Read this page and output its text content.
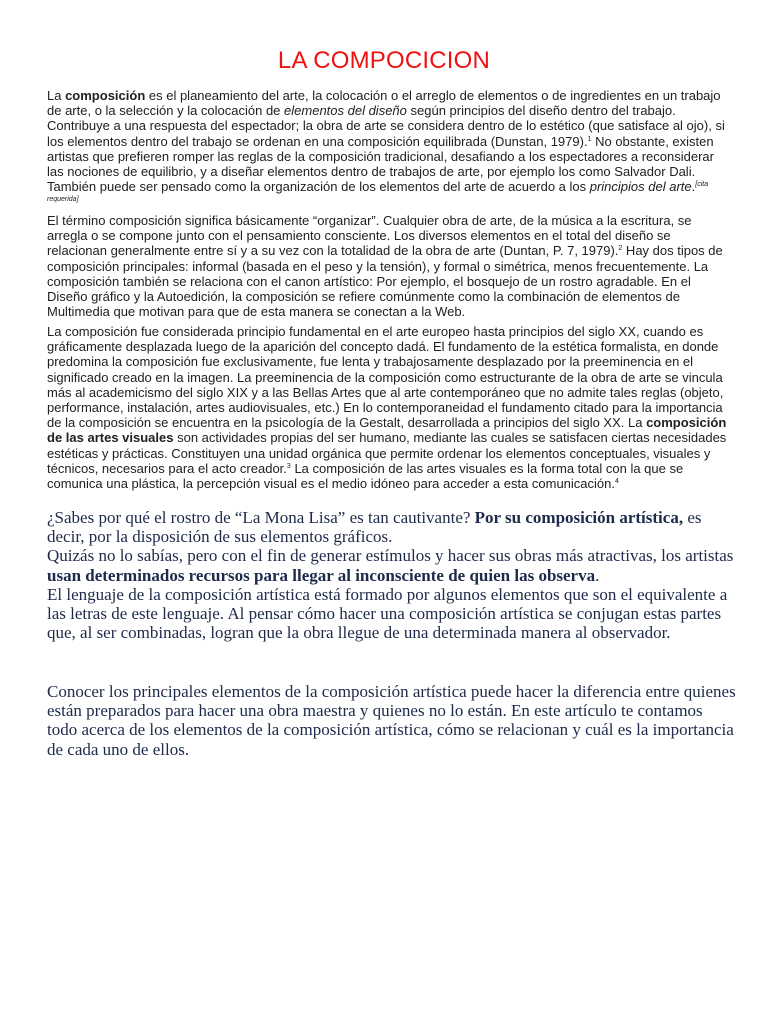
LA COMPOCICION

La composición es el planeamiento del arte, la colocación o el arreglo de elementos o de ingredientes en un trabajo de arte, o la selección y la colocación de elementos del diseño según principios del diseño dentro del trabajo. Contribuye a una respuesta del espectador; la obra de arte se considera dentro de lo estético (que satisface al ojo), si los elementos dentro del trabajo se ordenan en una composición equilibrada (Dunstan, 1979).$^1$ No obstante, existen artistas que prefieren romper las reglas de la composición tradicional, desafiando a los espectadores a reconsiderar las nociones de equilibrio, y a diseñar elementos dentro de trabajos de arte, por ejemplo los como Salvador Dali. También puede ser pensado como la organización de los elementos del arte de acuerdo a los principios del arte.[cita requerida]

El término composición significa básicamente “organizar”. Cualquier obra de arte, de la música a la escritura, se arregla o se compone junto con el pensamiento consciente. Los diversos elementos en el total del diseño se relacionan generalmente entre sí y a su vez con la totalidad de la obra de arte (Duntan, P. 7, 1979).$^2$ Hay dos tipos de composición principales: informal (basada en el peso y la tensión), y formal o simétrica, menos frecuentemente. La composición también se relaciona con el canon artístico: Por ejemplo, el bosquejo de un rostro agradable. En el Diseño gráfico y la Autoedición, la composición se refiere comúnmente como la combinación de elementos de Multimedia que motivan para que de esta manera se conectan a la Web.

La composición fue considerada principio fundamental en el arte europeo hasta principios del siglo XX, cuando es gráficamente desplazada luego de la aparición del concepto dadá. El fundamento de la estética formalista, en donde predomina la composición fue exclusivamente, fue lenta y trabajosamente desplazado por la preeminencia en el significado creado en la imagen. La preeminencia de la composición como estructurante de la obra de arte se vincula más al academicismo del siglo XIX y a las Bellas Artes que al arte contemporáneo que no admite tales reglas (objeto, performance, instalación, artes audiovisuales, etc.) En lo contemporaneidad el fundamento citado para la importancia de la composición se encuentra en la psicología de la Gestalt, desarrollada a principios del siglo XX. La composición de las artes visuales son actividades propias del ser humano, mediante las cuales se satisfacen ciertas necesidades estéticas y prácticas. Constituyen una unidad orgánica que permite ordenar los elementos conceptuales, visuales y técnicos, necesarios para el acto creador.$^3$ La composición de las artes visuales es la forma total con la que se comunica una plástica, la percepción visual es el medio idóneo para acceder a esta comunicación.$^4$

¿Sabes por qué el rostro de “La Mona Lisa” es tan cautivante? Por su composición artística, es decir, por la disposición de sus elementos gráficos.

Quizás no lo sabías, pero con el fin de generar estímulos y hacer sus obras más atractivas, los artistas usan determinados recursos para llegar al inconsciente de quien las observa.

El lenguaje de la composición artística está formado por algunos elementos que son el equivalente a las letras de este lenguaje. Al pensar cómo hacer una composición artística se conjugan estas partes que, al ser combinadas, logran que la obra llegue de una determinada manera al observador.

Conocer los principales elementos de la composición artística puede hacer la diferencia entre quienes están preparados para hacer una obra maestra y quienes no lo están. En este artículo te contamos todo acerca de los elementos de la composición artística, cómo se relacionan y cuál es la importancia de cada uno de ellos.
